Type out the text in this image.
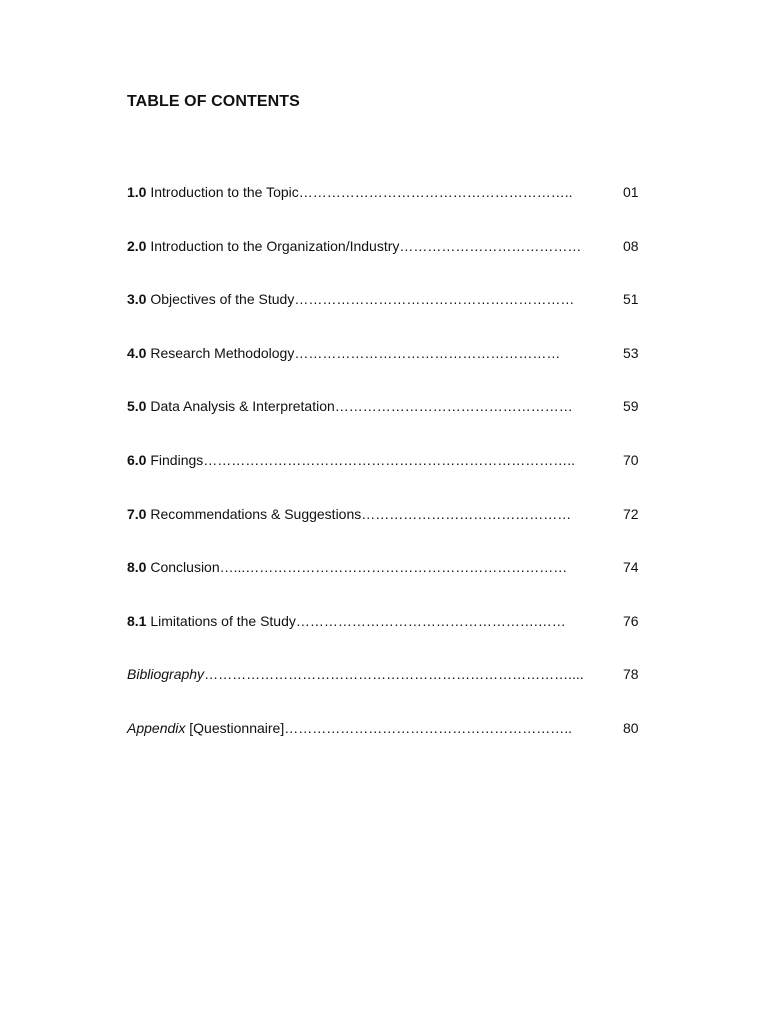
TABLE OF CONTENTS
1.0 Introduction to the Topic…………………………………………………..	01
2.0 Introduction to the Organization/Industry…………………………………	08
3.0 Objectives of the Study……………………………………………………	51
4.0 Research Methodology…………………………………………………	53
5.0 Data Analysis & Interpretation……………………………………………	59
6.0 Findings……………………………………………………………………..	70
7.0 Recommendations & Suggestions………………………………………	72
8.0 Conclusion…...……………………………………………………………	74
8.1 Limitations of the Study…………………………………………….……	76
Bibliography……………………………………………………………………....	78
Appendix [Questionnaire]……………………………………………………..	80
